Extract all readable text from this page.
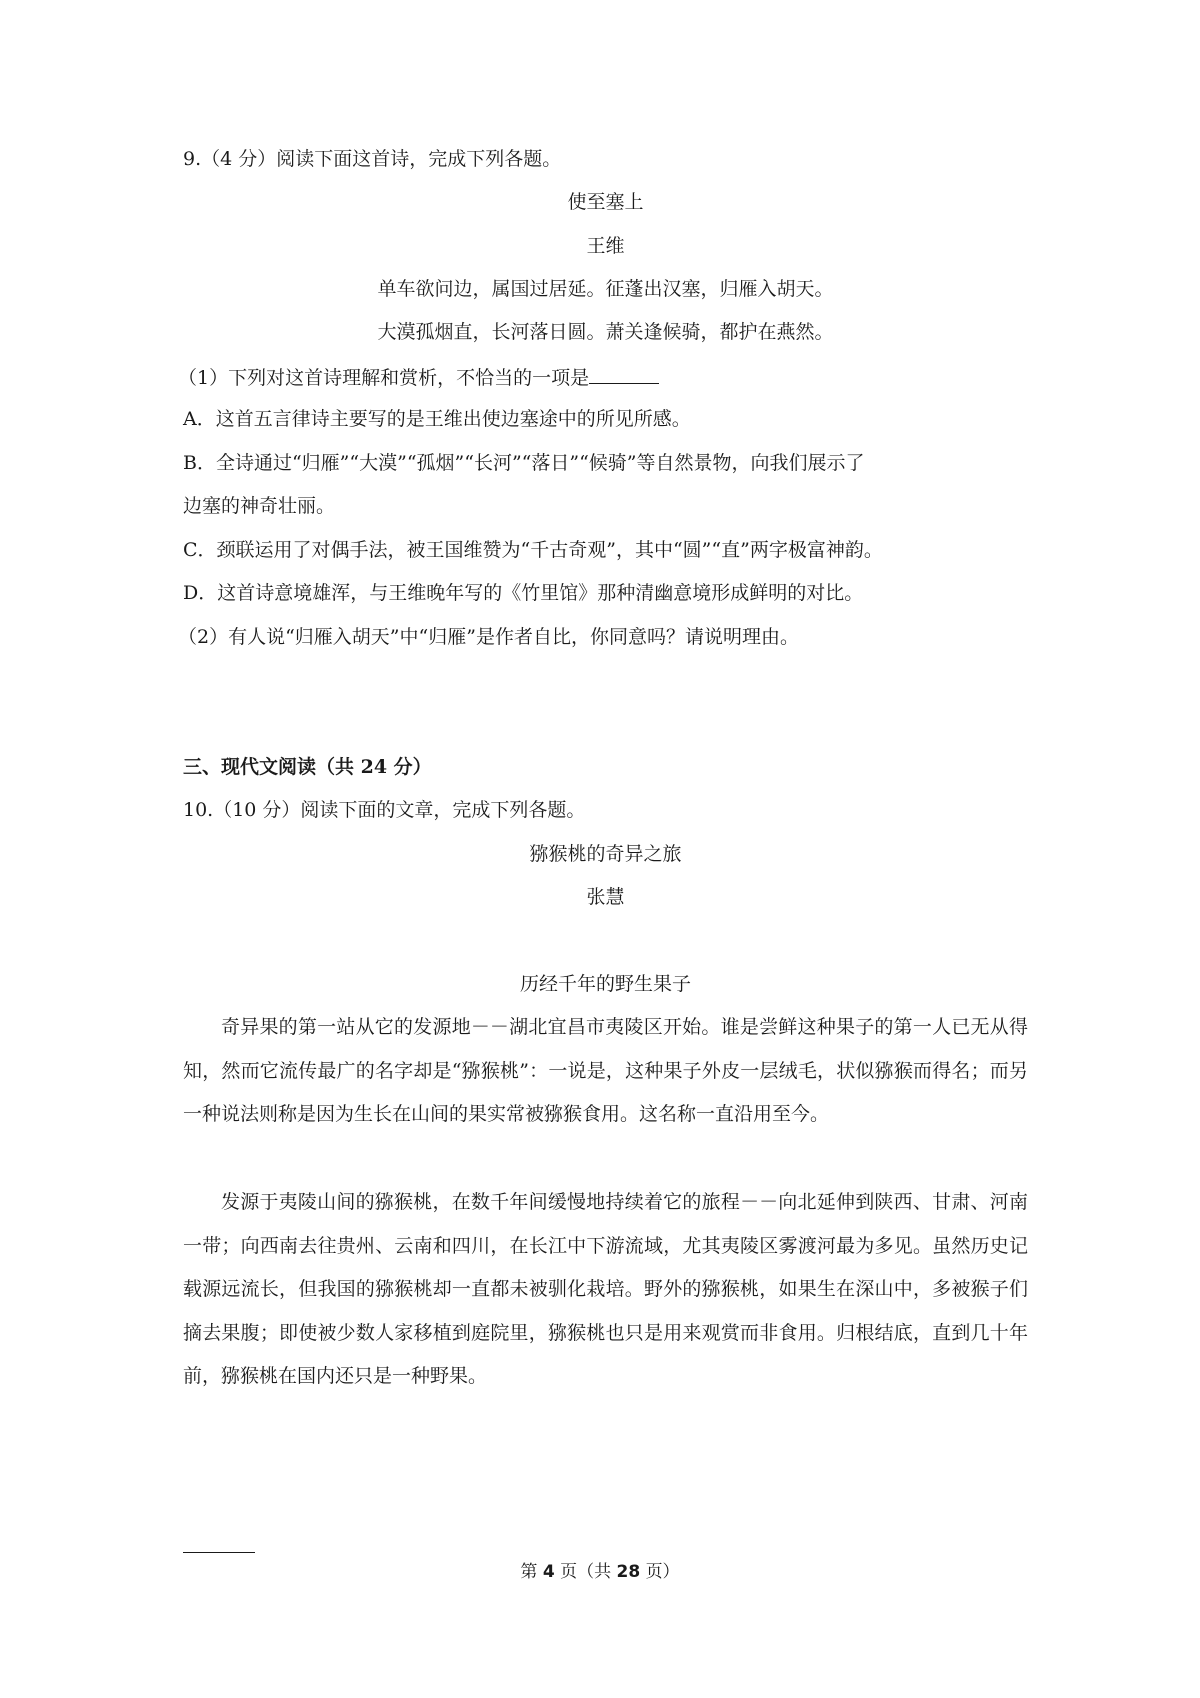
9.（4 分）阅读下面这首诗，完成下列各题。
使至塞上
王维
单车欲问边，属国过居延。征蓬出汉塞，归雁入胡天。
大漠孤烟直，长河落日圆。萧关逢候骑，都护在燕然。
（1）下列对这首诗理解和赏析，不恰当的一项是
A．这首五言律诗主要写的是王维出使边塞途中的所见所感。
B．全诗通过“归雁”“大漠”“孤烟”“长河”“落日”“候骑”等自然景物，向我们展示了
边塞的神奇壮丽。
C．颈联运用了对偶手法，被王国维赞为“千古奇观”，其中“圆”“直”两字极富神韵。
D．这首诗意境雄浑，与王维晚年写的《竹里馆》那种清幽意境形成鲜明的对比。
（2）有人说“归雁入胡天”中“归雁”是作者自比，你同意吗？请说明理由。
三、现代文阅读（共 24 分）
10.（10 分）阅读下面的文章，完成下列各题。
猕猴桃的奇异之旅
张慧
历经千年的野生果子
奇异果的第一站从它的发源地－－湖北宜昌市夷陵区开始。谁是尝鲜这种果子的第一人已无从得知，然而它流传最广的名字却是“猕猴桃”：一说是，这种果子外皮一层绒毛，状似猕猴而得名；而另一种说法则称是因为生长在山间的果实常被猕猴食用。这名称一直沿用至今。
发源于夷陵山间的猕猴桃，在数千年间缓慢地持续着它的旅程－－向北延伸到陕西、甘肃、河南一带；向西南去往贵州、云南和四川，在长江中下游流域，尤其夷陵区雾渡河最为多见。虽然历史记载源远流长，但我国的猕猴桃却一直都未被驯化栽培。野外的猕猴桃，如果生在深山中，多被猴子们摘去果腹；即使被少数人家移植到庭院里，猕猴桃也只是用来观赏而非食用。归根结底，直到几十年前，猕猴桃在国内还只是一种野果。
第 4 页（共 28 页）
